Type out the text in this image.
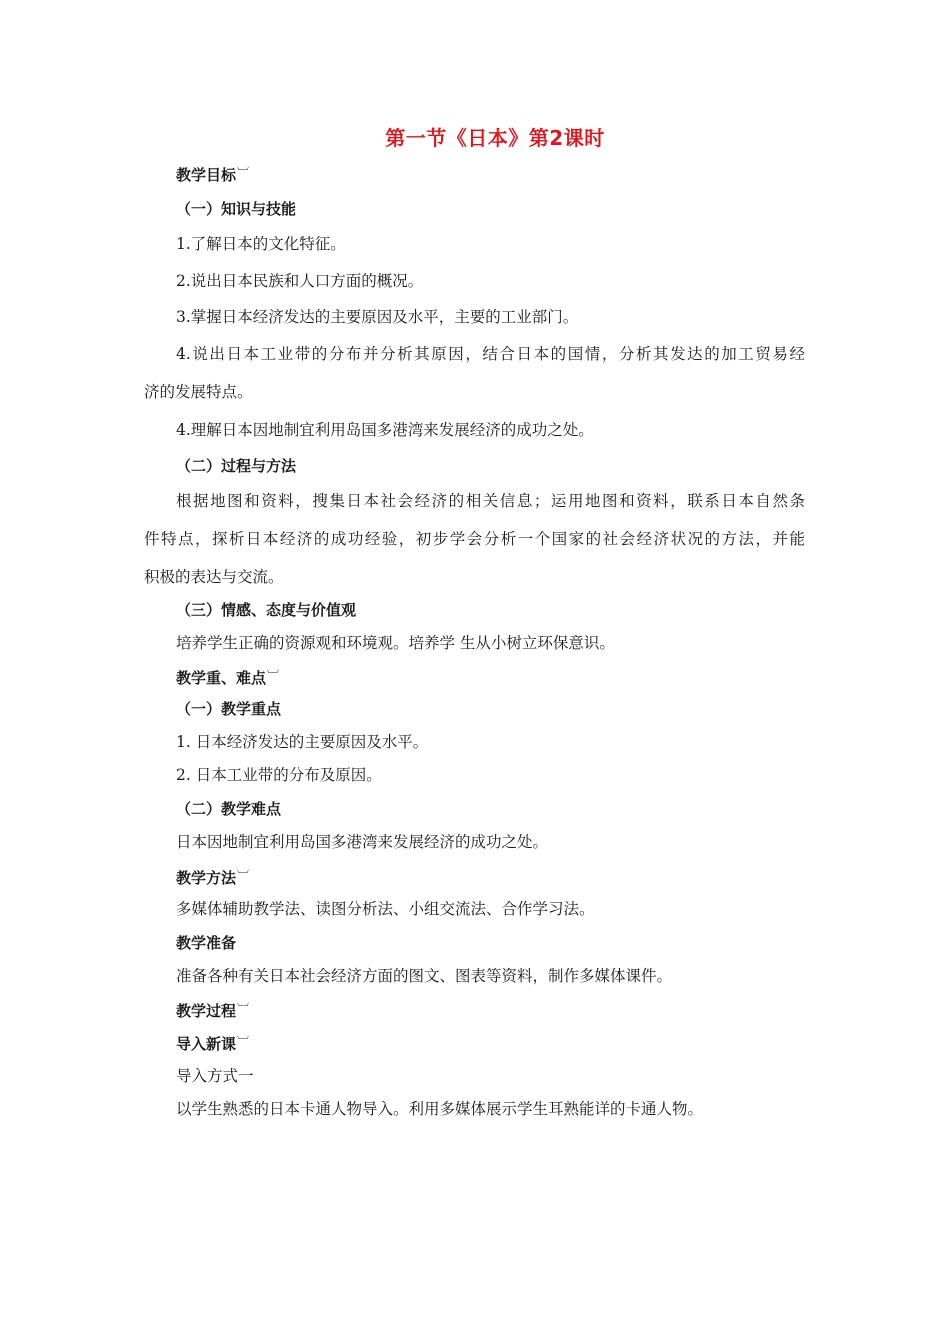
第一节《日本》第2课时
教学目标︺
（一）知识与技能
1.了解日本的文化特征。
2.说出日本民族和人口方面的概况。
3.掌握日本经济发达的主要原因及水平，主要的工业部门。
4.说出日本工业带的分布并分析其原因，结合日本的国情，分析其发达的加工贸易经
济的发展特点。
4.理解日本因地制宜利用岛国多港湾来发展经济的成功之处。
（二）过程与方法
根据地图和资料，搜集日本社会经济的相关信息；运用地图和资料，联系日本自然条
件特点，探析日本经济的成功经验，初步学会分析一个国家的社会经济状况的方法，并能
积极的表达与交流。
（三）情感、态度与价值观
培养学生正确的资源观和环境观。培养学 生从小树立环保意识。
教学重、难点︺
（一）教学重点
1. 日本经济发达的主要原因及水平。
2. 日本工业带的分布及原因。
（二）教学难点
日本因地制宜利用岛国多港湾来发展经济的成功之处。
教学方法︺
多媒体辅助教学法、读图分析法、小组交流法、合作学习法。
教学准备
准备各种有关日本社会经济方面的图文、图表等资料，制作多媒体课件。
教学过程︺
导入新课︺
导入方式一
以学生熟悉的日本卡通人物导入。利用多媒体展示学生耳熟能详的卡通人物。
